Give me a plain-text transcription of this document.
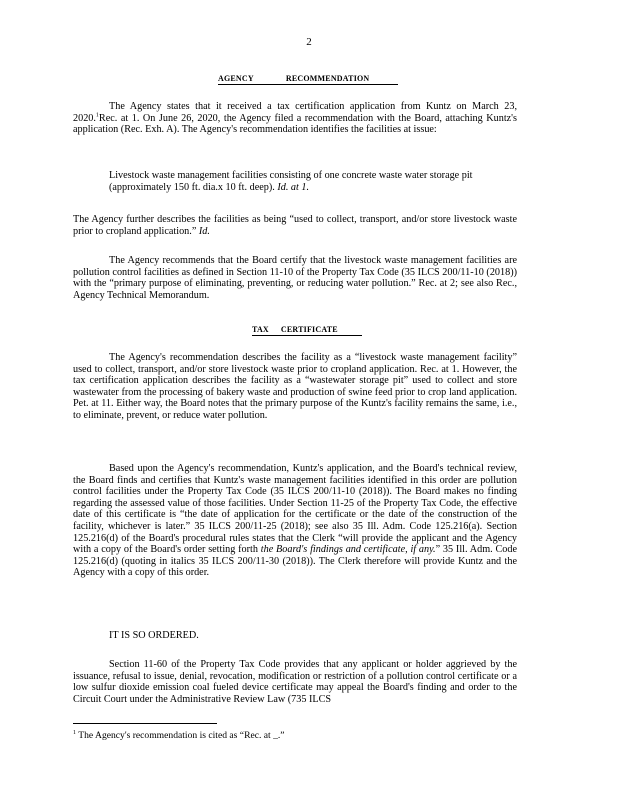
2
AGENCY	RECOMMENDATION
The Agency states that it received a tax certification application from Kuntz on March 23, 2020.$^1$Rec. at 1. On June 26, 2020, the Agency filed a recommendation with the Board, attaching Kuntz's application (Rec. Exh. A). The Agency's recommendation identifies the facilities at issue:
Livestock waste management facilities consisting of one concrete waste water storage pit (approximately 150 ft. dia.x 10 ft. deep). Id. at 1.
The Agency further describes the facilities as being “used to collect, transport, and/or store livestock waste prior to cropland application.” Id.
The Agency recommends that the Board certify that the livestock waste management facilities are pollution control facilities as defined in Section 11-10 of the Property Tax Code (35 ILCS 200/11-10 (2018)) with the “primary purpose of eliminating, preventing, or reducing water pollution.” Rec. at 2; see also Rec., Agency Technical Memorandum.
TAX CERTIFICATE
The Agency's recommendation describes the facility as a “livestock waste management facility” used to collect, transport, and/or store livestock waste prior to cropland application. Rec. at 1. However, the tax certification application describes the facility as a “wastewater storage pit” used to collect and store wastewater from the processing of bakery waste and production of swine feed prior to crop land application. Pet. at 11. Either way, the Board notes that the primary purpose of the Kuntz's facility remains the same, i.e., to eliminate, prevent, or reduce water pollution.
Based upon the Agency's recommendation, Kuntz's application, and the Board's technical review, the Board finds and certifies that Kuntz's waste management facilities identified in this order are pollution control facilities under the Property Tax Code (35 ILCS 200/11-10 (2018)). The Board makes no finding regarding the assessed value of those facilities. Under Section 11-25 of the Property Tax Code, the effective date of this certificate is “the date of application for the certificate or the date of the construction of the facility, whichever is later.” 35 ILCS 200/11-25 (2018); see also 35 Ill. Adm. Code 125.216(a). Section 125.216(d) of the Board's procedural rules states that the Clerk “will provide the applicant and the Agency with a copy of the Board's order setting forth the Board's findings and certificate, if any.” 35 Ill. Adm. Code 125.216(d) (quoting in italics 35 ILCS 200/11-30 (2018)). The Clerk therefore will provide Kuntz and the Agency with a copy of this order.
IT IS SO ORDERED.
Section 11-60 of the Property Tax Code provides that any applicant or holder aggrieved by the issuance, refusal to issue, denial, revocation, modification or restriction of a pollution control certificate or a low sulfur dioxide emission coal fueled device certificate may appeal the Board's finding and order to the Circuit Court under the Administrative Review Law (735 ILCS
$^1$ The Agency's recommendation is cited as “Rec. at _.”
